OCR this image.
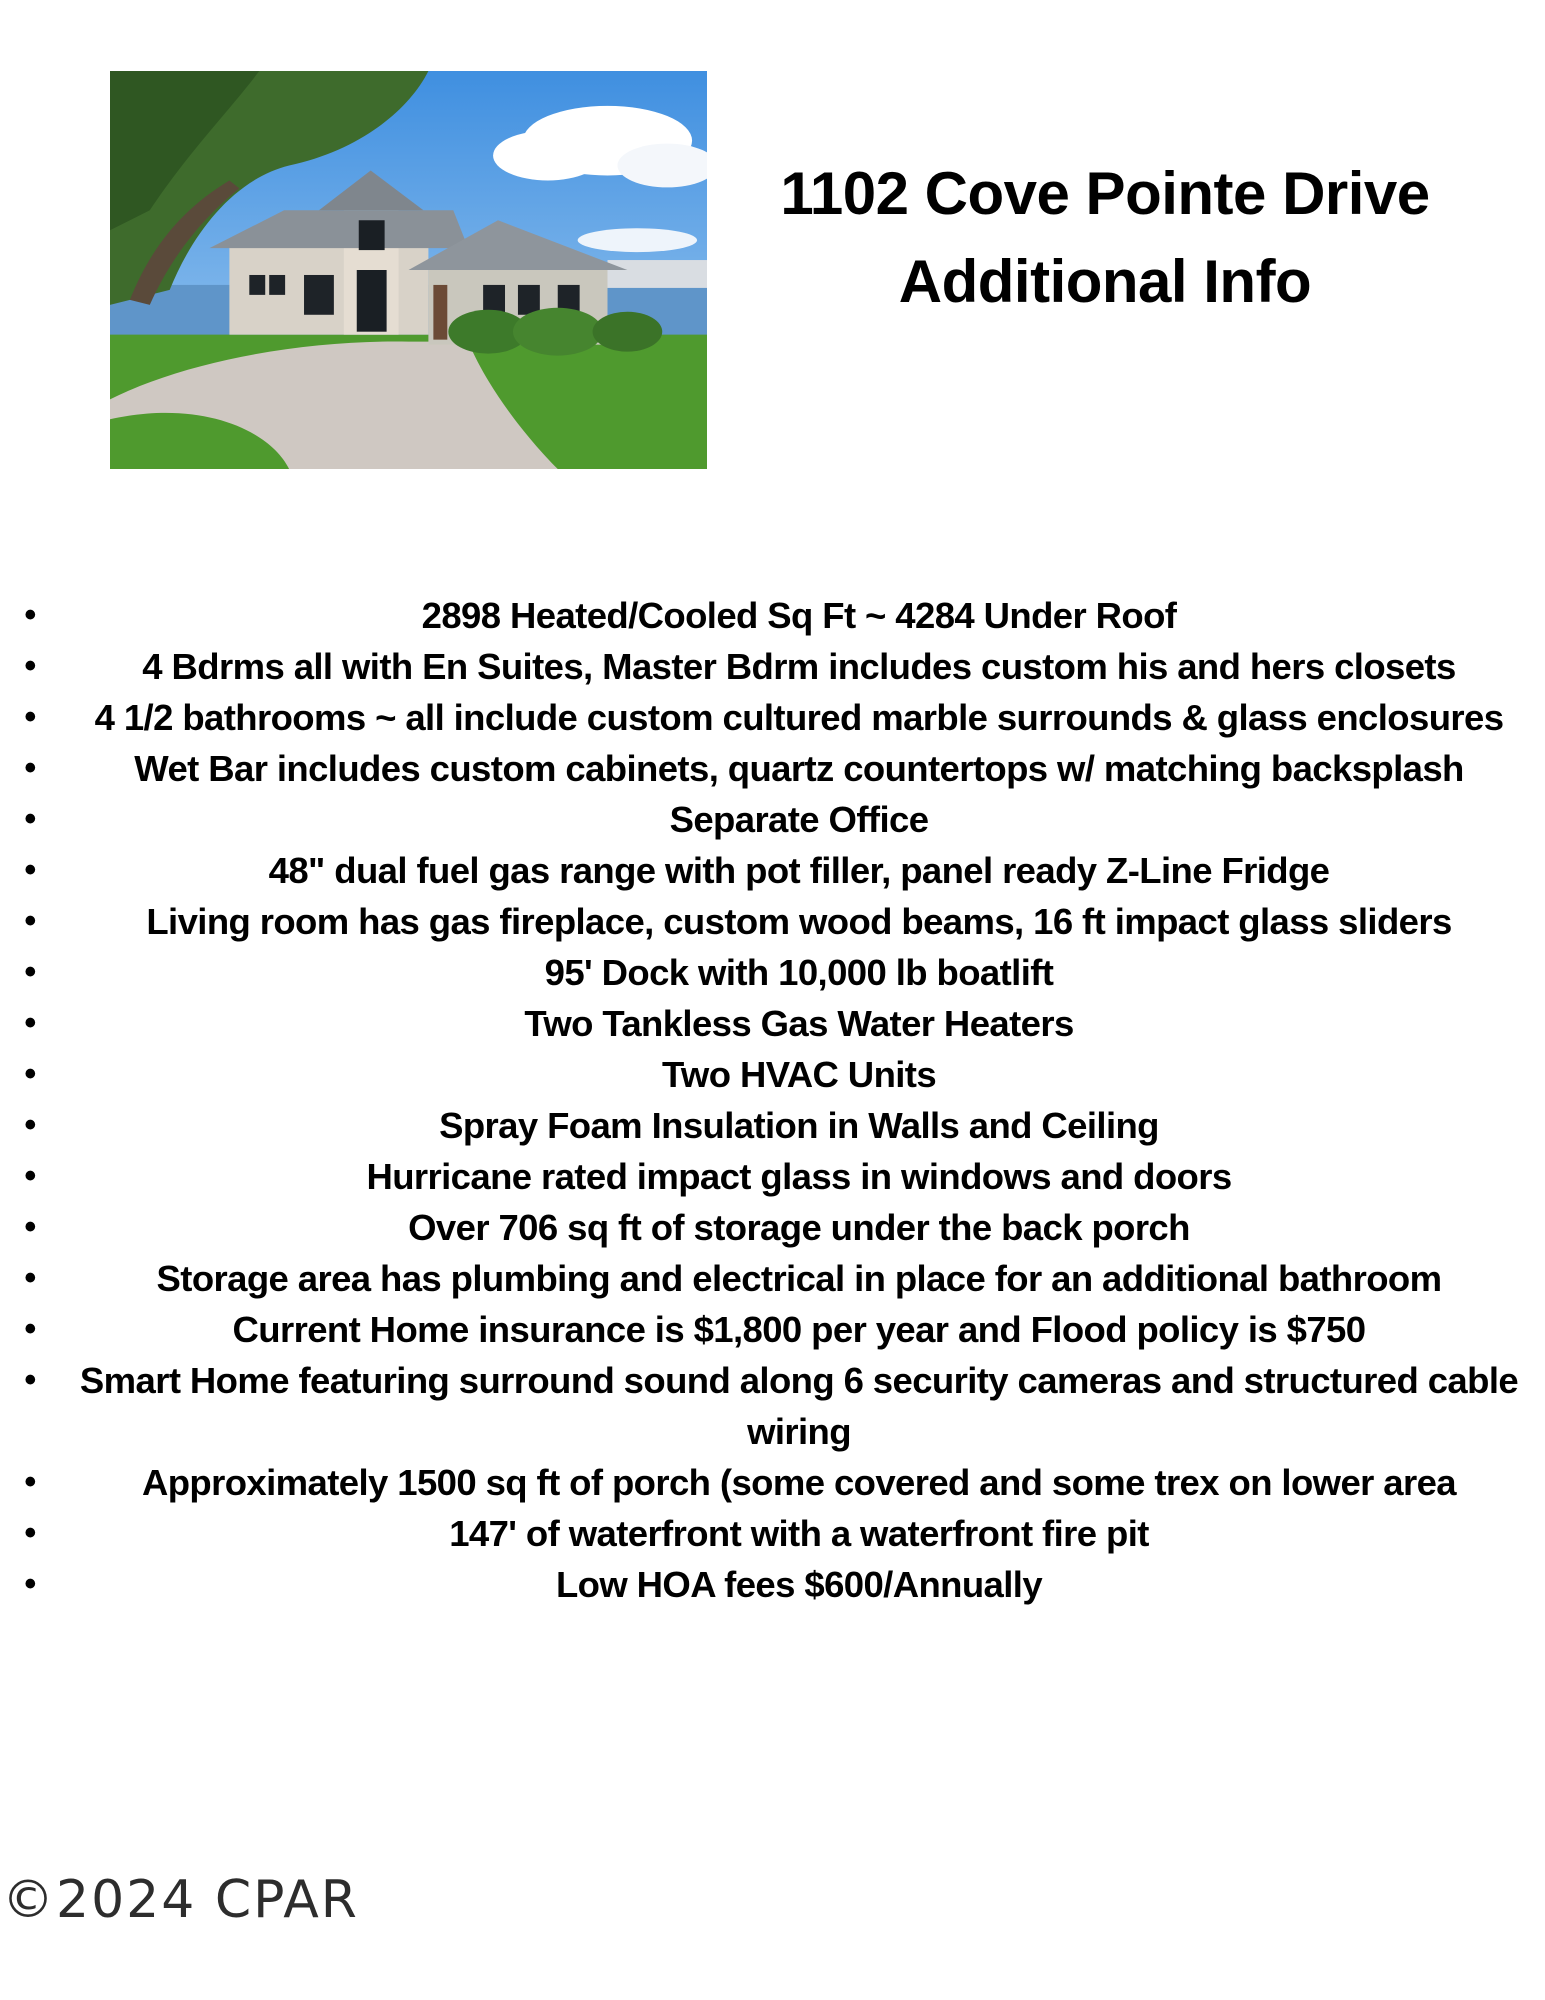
1102 Cove Pointe Drive
Additional Info
•	2898 Heated/Cooled Sq Ft ~ 4284 Under Roof
•	4 Bdrms all with En Suites, Master Bdrm includes custom his and hers closets
• 4 1/2 bathrooms ~ all include custom cultured marble surrounds & glass enclosures
•	Wet Bar includes custom cabinets, quartz countertops w/ matching backsplash
•	Separate Office
•	48" dual fuel gas range with pot filler, panel ready Z-Line Fridge
•	Living room has gas fireplace, custom wood beams, 16 ft impact glass sliders
•	95' Dock with 10,000 lb boatlift
•	Two Tankless Gas Water Heaters
•	Two HVAC Units
•	Spray Foam Insulation in Walls and Ceiling
•	Hurricane rated impact glass in windows and doors
•	Over 706 sq ft of storage under the back porch
•	Storage area has plumbing and electrical in place for an additional bathroom
•	Current Home insurance is $1,800 per year and Flood policy is $750
• Smart Home featuring surround sound along 6 security cameras and structured cable wiring
•	Approximately 1500 sq ft of porch (some covered and some trex on lower area
•	147' of waterfront with a waterfront fire pit
•	Low HOA fees $600/Annually
©2024 CPAR
